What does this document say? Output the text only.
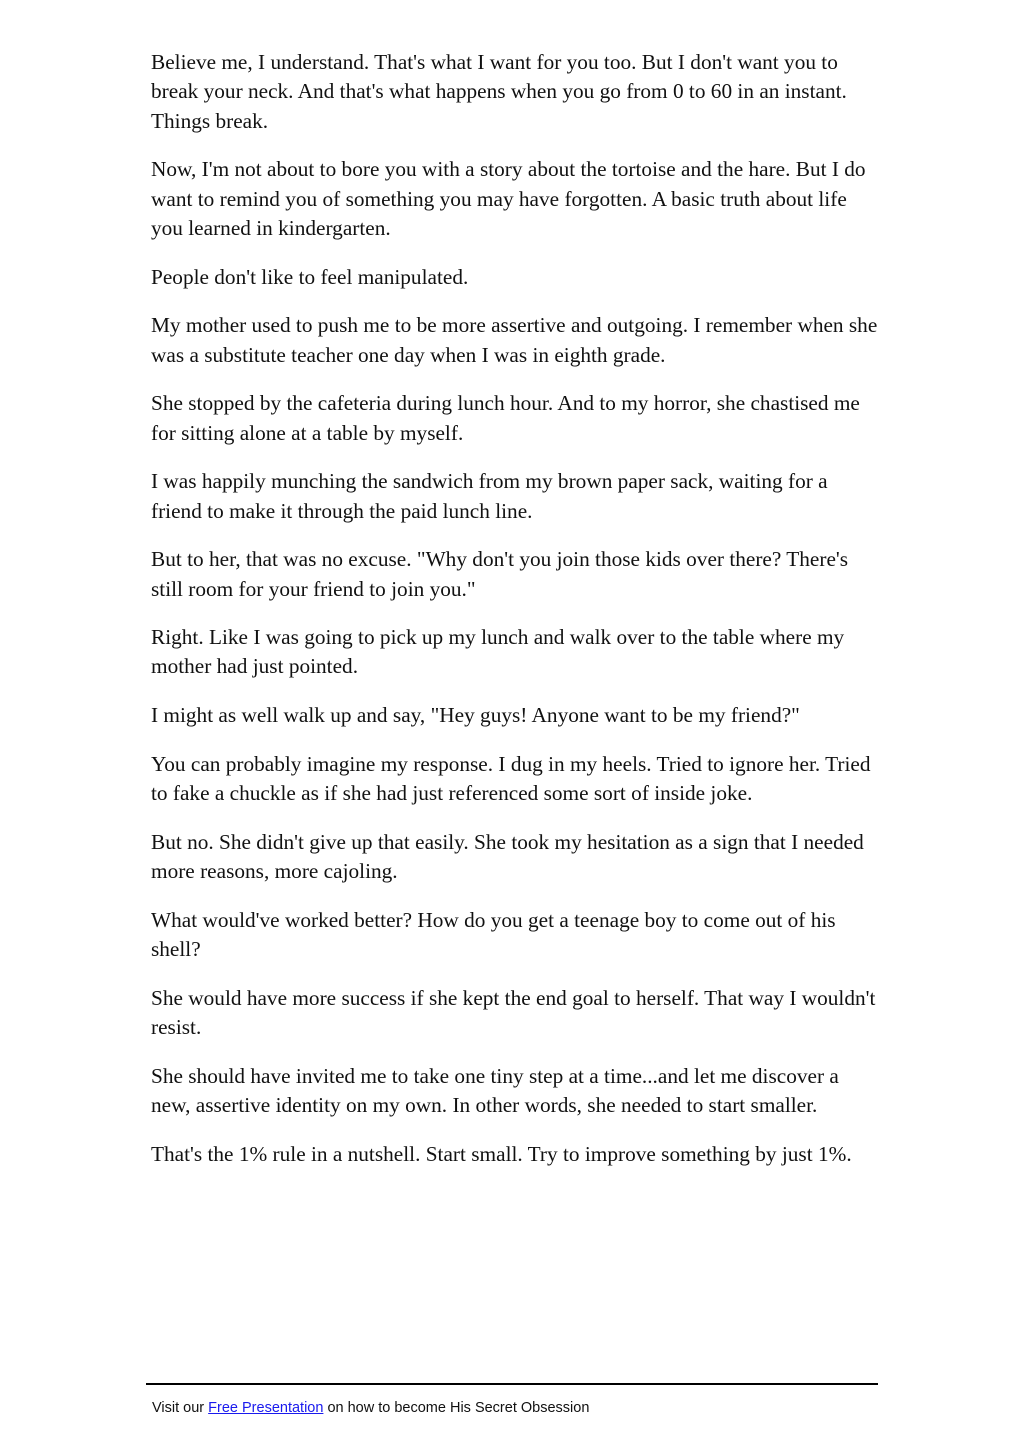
Believe me, I understand. That's what I want for you too. But I don't want you to break your neck. And that's what happens when you go from 0 to 60 in an instant. Things break.

Now, I'm not about to bore you with a story about the tortoise and the hare. But I do want to remind you of something you may have forgotten. A basic truth about life you learned in kindergarten.

People don't like to feel manipulated.

My mother used to push me to be more assertive and outgoing. I remember when she was a substitute teacher one day when I was in eighth grade.

She stopped by the cafeteria during lunch hour. And to my horror, she chastised me for sitting alone at a table by myself.

I was happily munching the sandwich from my brown paper sack, waiting for a friend to make it through the paid lunch line.

But to her, that was no excuse. "Why don't you join those kids over there? There's still room for your friend to join you."

Right. Like I was going to pick up my lunch and walk over to the table where my mother had just pointed.

I might as well walk up and say, "Hey guys! Anyone want to be my friend?"

You can probably imagine my response. I dug in my heels. Tried to ignore her. Tried to fake a chuckle as if she had just referenced some sort of inside joke.

But no. She didn't give up that easily. She took my hesitation as a sign that I needed more reasons, more cajoling.

What would've worked better? How do you get a teenage boy to come out of his shell?

She would have more success if she kept the end goal to herself. That way I wouldn't resist.

She should have invited me to take one tiny step at a time...and let me discover a new, assertive identity on my own. In other words, she needed to start smaller.

That's the 1% rule in a nutshell. Start small. Try to improve something by just 1%.

Visit our Free Presentation on how to become His Secret Obsession
